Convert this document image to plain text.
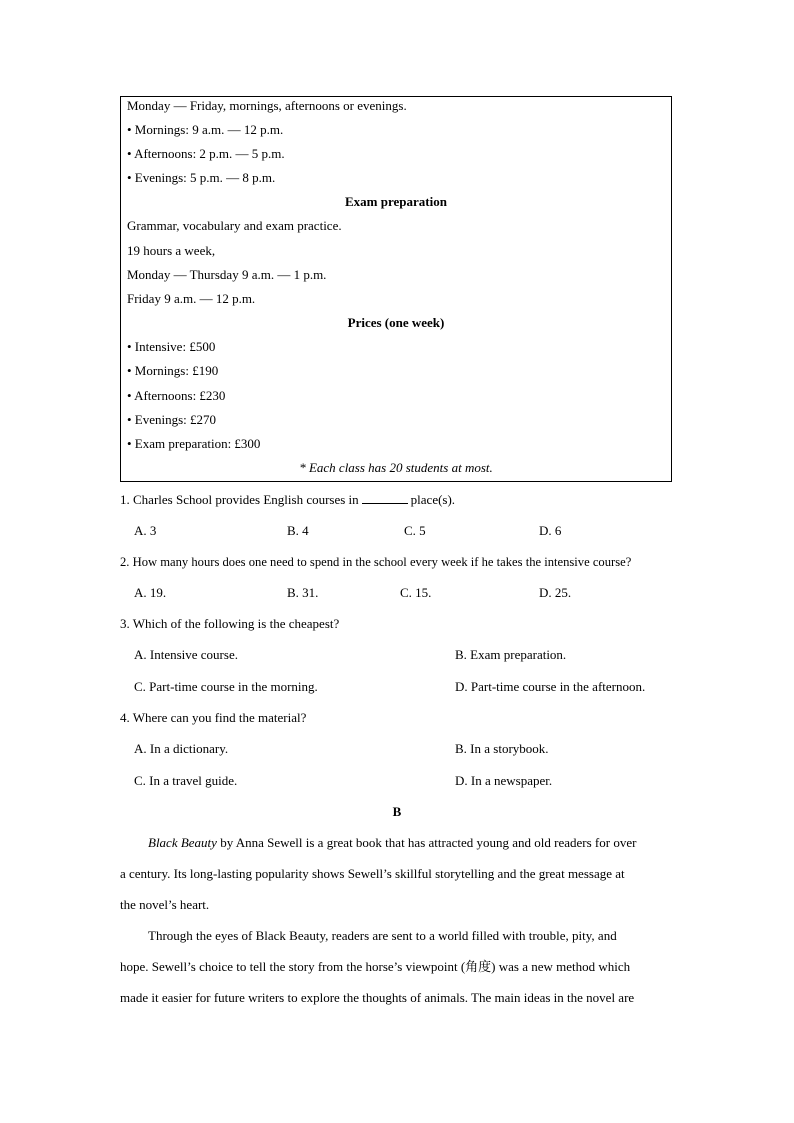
Monday — Friday, mornings, afternoons or evenings.
• Mornings: 9 a.m. — 12 p.m.
• Afternoons: 2 p.m. — 5 p.m.
• Evenings: 5 p.m. — 8 p.m.
Exam preparation
Grammar, vocabulary and exam practice.
19 hours a week,
Monday — Thursday 9 a.m. — 1 p.m.
Friday 9 a.m. — 12 p.m.
Prices (one week)
• Intensive: £500
• Mornings: £190
• Afternoons: £230
• Evenings: £270
• Exam preparation: £300
* Each class has 20 students at most.
1. Charles School provides English courses in	place(s).
A. 3	B. 4	C. 5	D. 6
2. How many hours does one need to spend in the school every week if he takes the intensive course?
A. 19.	B. 31.	C. 15.	D. 25.
3. Which of the following is the cheapest?
A. Intensive course.	B. Exam preparation.
C. Part-time course in the morning.	D. Part-time course in the afternoon.
4. Where can you find the material?
A. In a dictionary.	B. In a storybook.
C. In a travel guide.	D. In a newspaper.
B
Black Beauty by Anna Sewell is a great book that has attracted young and old readers for over
a century. Its long-lasting popularity shows Sewell’s skillful storytelling and the great message at
the novel’s heart.
Through the eyes of Black Beauty, readers are sent to a world filled with trouble, pity, and
hope. Sewell’s choice to tell the story from the horse’s viewpoint (角度) was a new method which
made it easier for future writers to explore the thoughts of animals. The main ideas in the novel are
